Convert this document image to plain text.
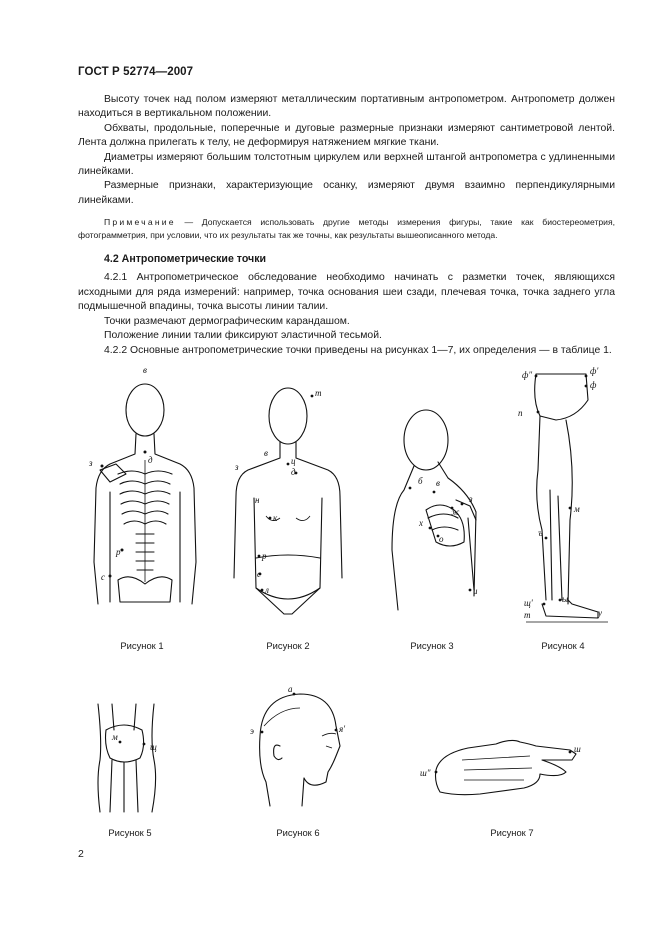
ГОСТ Р 52774—2007

Высоту точек над полом измеряют металлическим портативным антропометром. Антропометр должен находиться в вертикальном положении.

Обхваты, продольные, поперечные и дуговые размерные признаки измеряют сантиметровой лентой. Лента должна прилегать к телу, не деформируя натяжением мягкие ткани.

Диаметры измеряют большим толстотным циркулем или верхней штангой антропометра с удлиненными линейками.

Размерные признаки, характеризующие осанку, измеряют двумя взаимно перпендикулярными линейками.

Примечание — Допускается использовать другие методы измерения фигуры, такие как биостереометрия, фотограмметрия, при условии, что их результаты так же точны, как результаты вышеописанного метода.

4.2 Антропометрические точки

4.2.1 Антропометрическое обследование необходимо начинать с разметки точек, являющихся исходными для ряда измерений: например, точка основания шеи сзади, плечевая точка, точка заднего угла подмышечной впадины, точка высоты линии талии.

Точки размечают дермографическим карандашом.

Положение линии талии фиксируют эластичной тесьмой.

4.2.2 Основные антропометрические точки приведены на рисунках 1—7, их определения — в таблице 1.

в
з	д
р
с
Рисунок 1
т
в
ц
д
з
н
к
р
с
л
Рисунок 2
б в
з
ж
х
о
и
Рисунок 3
ф"	ф'
ф
п
м
ъ
щ'	ы
т	у
Рисунок 4
м
щ
Рисунок 5
а
э	я'
Рисунок 6
ш"
ш
Рисунок 7
2
